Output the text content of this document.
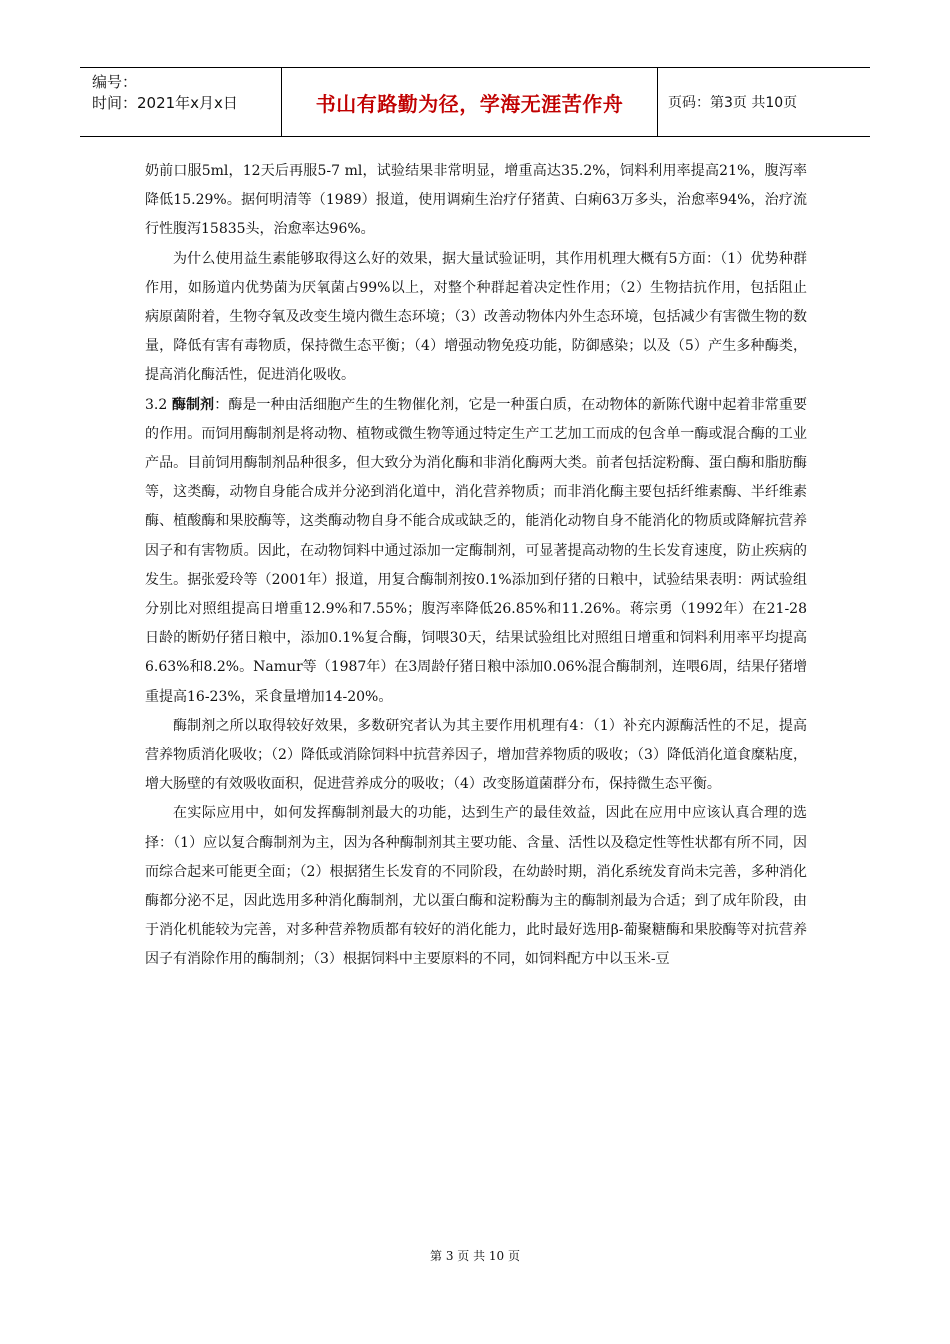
编号：
时间：2021年x月x日	书山有路勤为径，学海无涯苦作舟	页码：第3页 共10页

奶前口服5ml，12天后再服5-7 ml，试验结果非常明显，增重高达35.2%，饲料利用率提高21%，腹泻率降低15.29%。据何明清等（1989）报道，使用调痢生治疗仔猪黄、白痢63万多头，治愈率94%，治疗流行性腹泻15835头，治愈率达96%。

为什么使用益生素能够取得这么好的效果，据大量试验证明，其作用机理大概有5方面：（1）优势种群作用，如肠道内优势菌为厌氧菌占99%以上，对整个种群起着决定性作用；（2）生物拮抗作用，包括阻止病原菌附着，生物夺氧及改变生境内微生态环境；（3）改善动物体内外生态环境，包括减少有害微生物的数量，降低有害有毒物质，保持微生态平衡；（4）增强动物免疫功能，防御感染；以及（5）产生多种酶类，提高消化酶活性，促进消化吸收。

3.2 酶制剂：酶是一种由活细胞产生的生物催化剂，它是一种蛋白质，在动物体的新陈代谢中起着非常重要的作用。而饲用酶制剂是将动物、植物或微生物等通过特定生产工艺加工而成的包含单一酶或混合酶的工业产品。目前饲用酶制剂品种很多，但大致分为消化酶和非消化酶两大类。前者包括淀粉酶、蛋白酶和脂肪酶等，这类酶，动物自身能合成并分泌到消化道中，消化营养物质；而非消化酶主要包括纤维素酶、半纤维素酶、植酸酶和果胶酶等，这类酶动物自身不能合成或缺乏的，能消化动物自身不能消化的物质或降解抗营养因子和有害物质。因此，在动物饲料中通过添加一定酶制剂，可显著提高动物的生长发育速度，防止疾病的发生。据张爱玲等（2001年）报道，用复合酶制剂按0.1%添加到仔猪的日粮中，试验结果表明：两试验组分别比对照组提高日增重12.9%和7.55%；腹泻率降低26.85%和11.26%。蒋宗勇（1992年）在21-28日龄的断奶仔猪日粮中，添加0.1%复合酶，饲喂30天，结果试验组比对照组日增重和饲料利用率平均提高6.63%和8.2%。Namur等（1987年）在3周龄仔猪日粮中添加0.06%混合酶制剂，连喂6周，结果仔猪增重提高16-23%，采食量增加14-20%。

酶制剂之所以取得较好效果，多数研究者认为其主要作用机理有4：（1）补充内源酶活性的不足，提高营养物质消化吸收；（2）降低或消除饲料中抗营养因子，增加营养物质的吸收；（3）降低消化道食糜粘度，增大肠壁的有效吸收面积，促进营养成分的吸收；（4）改变肠道菌群分布，保持微生态平衡。

在实际应用中，如何发挥酶制剂最大的功能，达到生产的最佳效益，因此在应用中应该认真合理的选择：（1）应以复合酶制剂为主，因为各种酶制剂其主要功能、含量、活性以及稳定性等性状都有所不同，因而综合起来可能更全面；（2）根据猪生长发育的不同阶段，在幼龄时期，消化系统发育尚未完善，多种消化酶都分泌不足，因此选用多种消化酶制剂，尤以蛋白酶和淀粉酶为主的酶制剂最为合适；到了成年阶段，由于消化机能较为完善，对多种营养物质都有较好的消化能力，此时最好选用β-葡聚糖酶和果胶酶等对抗营养因子有消除作用的酶制剂；（3）根据饲料中主要原料的不同，如饲料配方中以玉米-豆

第 3 页 共 10 页
